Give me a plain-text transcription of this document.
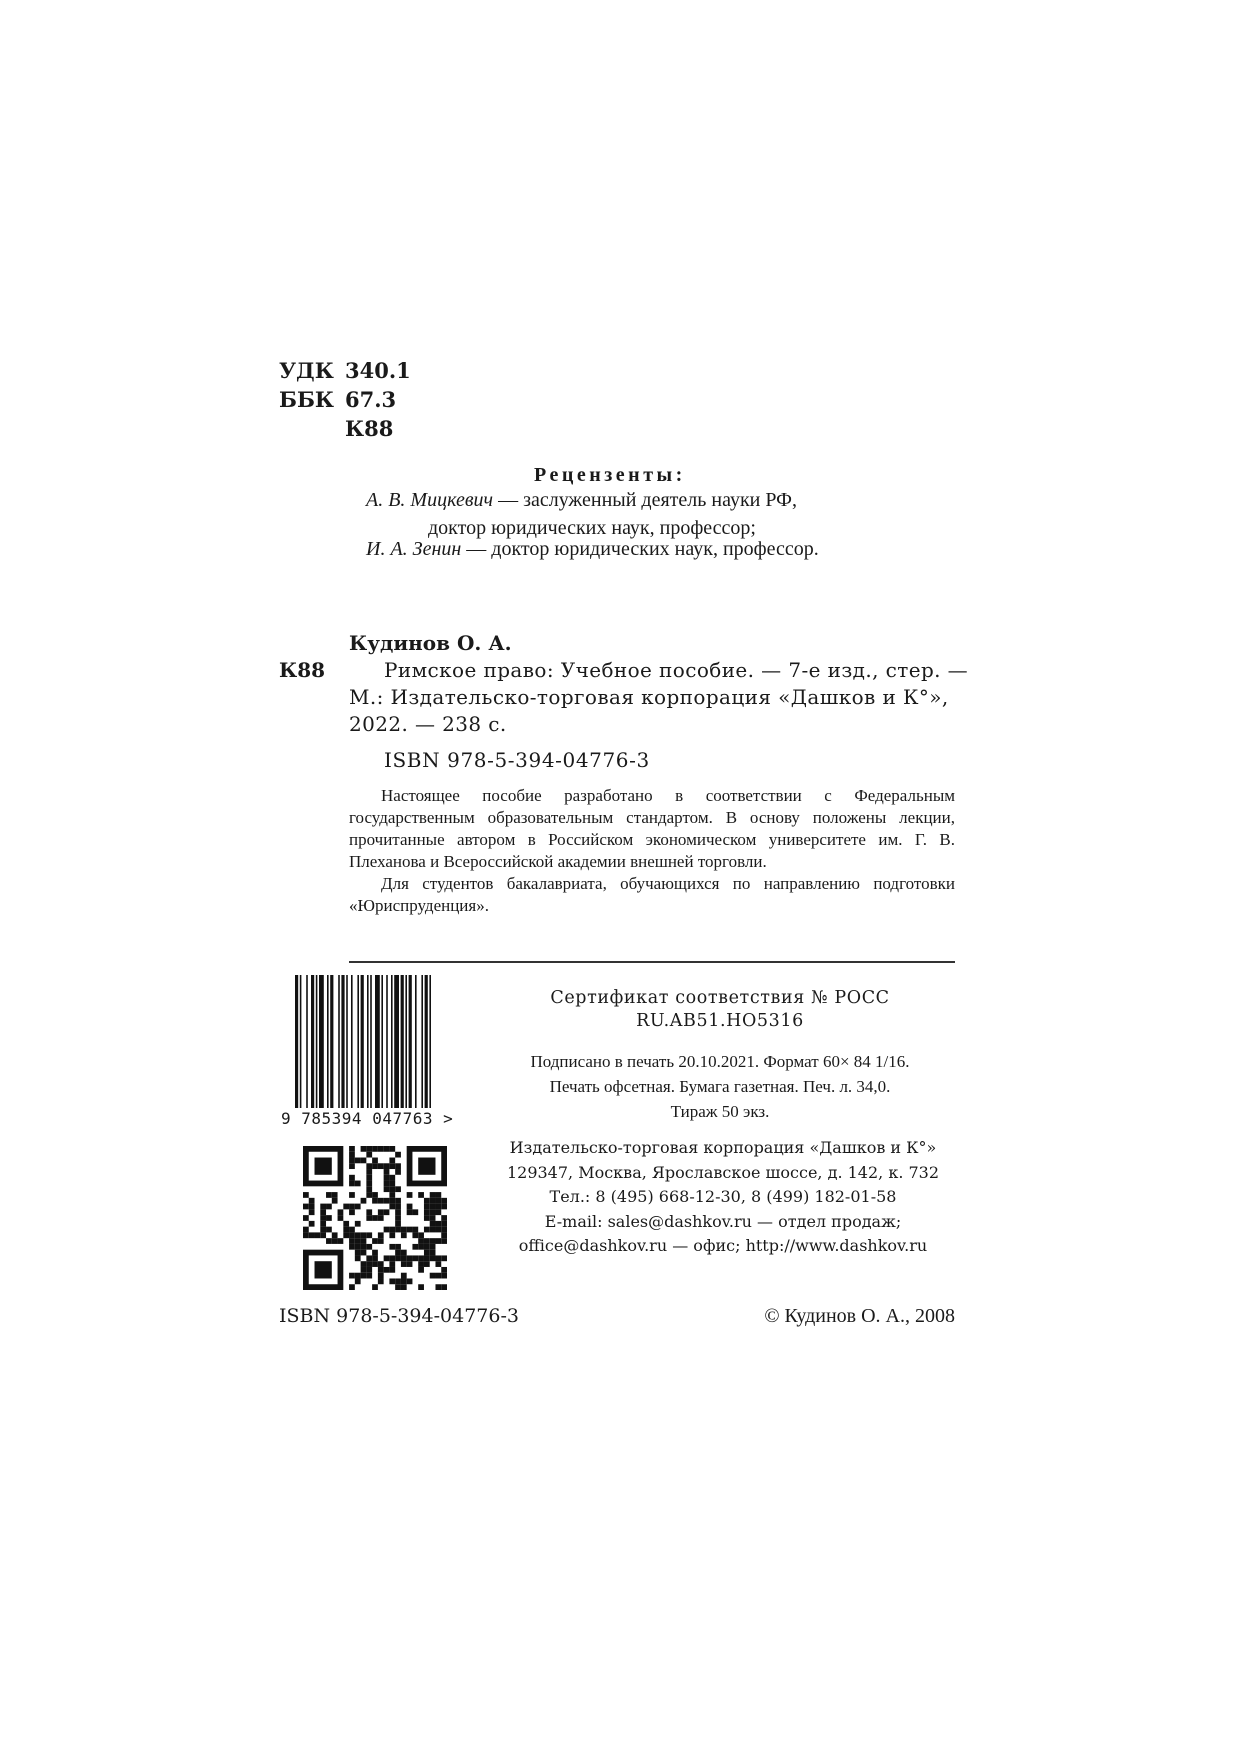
УДК 340.1
ББК 67.3
К88
Рецензенты:
А. В. Мицкевич — заслуженный деятель науки РФ,
доктор юридических наук, профессор;
И. А. Зенин — доктор юридических наук, профессор.
Кудинов О. А.
К88	Римское право: Учебное пособие. — 7-е изд., стер. —
М.: Издательско-торговая корпорация «Дашков и К°»,
2022. — 238 с.
ISBN 978-5-394-04776-3

Настоящее пособие разработано в соответствии с Федеральным государственным образовательным стандартом. В основу положены лекции, прочитанные автором в Российском экономическом университете им. Г. В. Плеханова и Всероссийской академии внешней торговли.

Для студентов бакалавриата, обучающихся по направлению подготовки «Юриспруденция».

9 785394 047763 >
Сертификат соответствия № РОСС
RU.AB51.HO5316
Подписано в печать 20.10.2021. Формат 60× 84 1/16.
Печать офсетная. Бумага газетная. Печ. л. 34,0.
Тираж 50 экз.
Издательско-торговая корпорация «Дашков и К°»
129347, Москва, Ярославское шоссе, д. 142, к. 732
Тел.: 8 (495) 668-12-30, 8 (499) 182-01-58
E-mail: sales@dashkov.ru — отдел продаж;
office@dashkov.ru — офис; http://www.dashkov.ru
ISBN 978-5-394-04776-3	© Кудинов О. А., 2008
